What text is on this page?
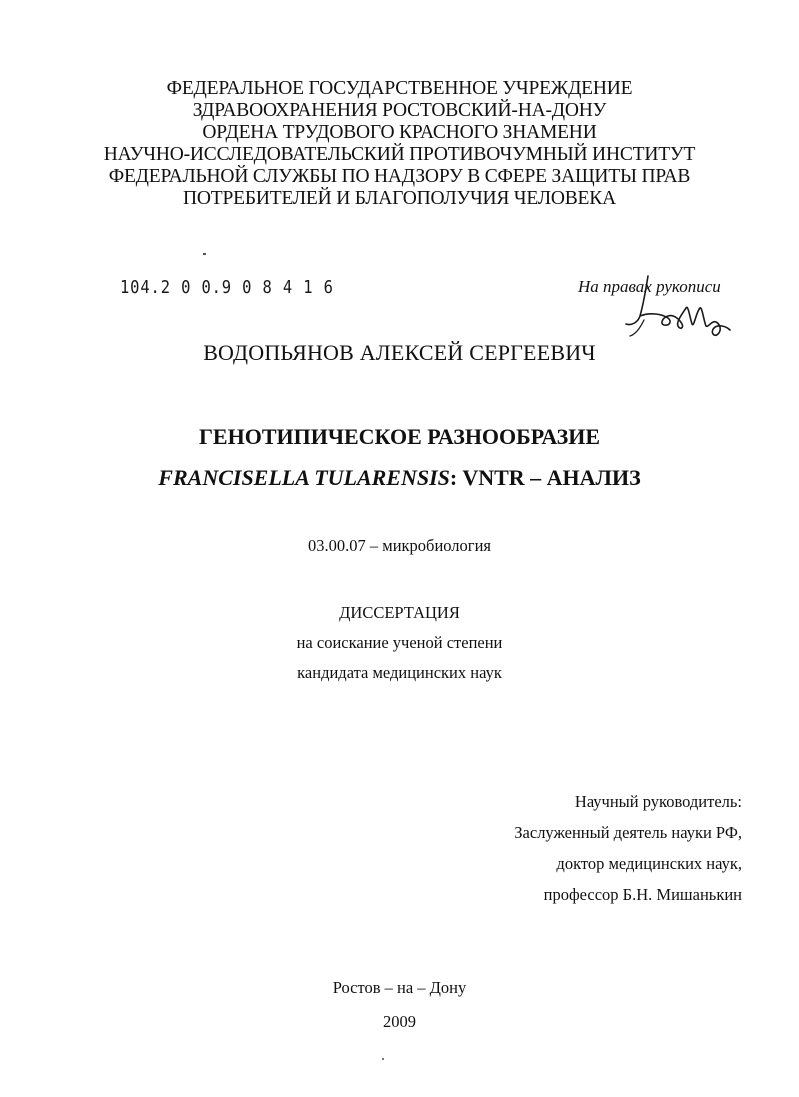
ФЕДЕРАЛЬНОЕ ГОСУДАРСТВЕННОЕ УЧРЕЖДЕНИЕ
ЗДРАВООХРАНЕНИЯ РОСТОВСКИЙ-НА-ДОНУ
ОРДЕНА ТРУДОВОГО КРАСНОГО ЗНАМЕНИ
НАУЧНО-ИССЛЕДОВАТЕЛЬСКИЙ ПРОТИВОЧУМНЫЙ ИНСТИТУТ
ФЕДЕРАЛЬНОЙ СЛУЖБЫ ПО НАДЗОРУ В СФЕРЕ ЗАЩИТЫ ПРАВ
ПОТРЕБИТЕЛЕЙ И БЛАГОПОЛУЧИЯ ЧЕЛОВЕКА
104.2 0 0.9 0 8 4 1 6	На правах рукописи
ВОДОПЬЯНОВ АЛЕКСЕЙ СЕРГЕЕВИЧ
ГЕНОТИПИЧЕСКОЕ РАЗНООБРАЗИЕ
FRANCISELLA TULARENSIS: VNTR – АНАЛИЗ
03.00.07 – микробиология
ДИССЕРТАЦИЯ
на соискание ученой степени
кандидата медицинских наук
Научный руководитель:
Заслуженный деятель науки РФ,
доктор медицинских наук,
профессор Б.Н. Мишанькин
Ростов – на – Дону
2009
